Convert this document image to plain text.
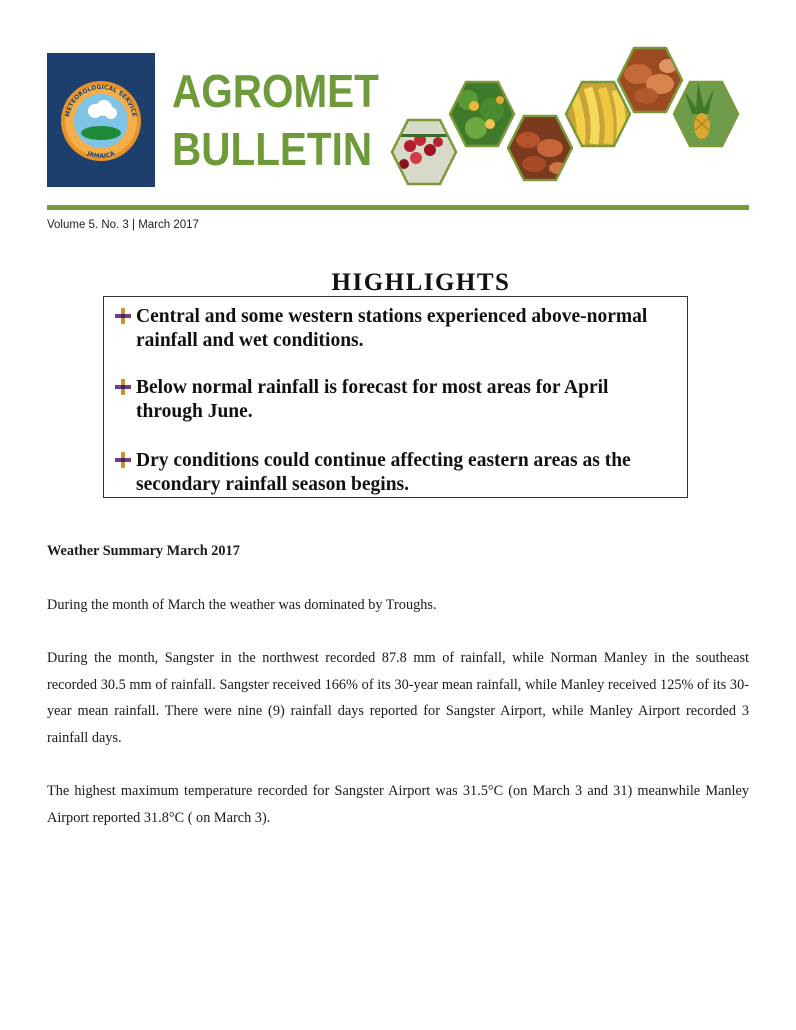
METEOROLOGICAL SERVICE
JAMAICA
AGROMET
BULLETIN
Volume 5. No. 3 | March 2017
HIGHLIGHTS
Central and some western stations experienced above-normal rainfall and wet conditions.
Below normal rainfall is forecast for most areas for April through June.
Dry conditions could continue affecting eastern areas as the secondary rainfall season begins.
Weather Summary March 2017
During the month of March the weather was dominated by Troughs.
During the month, Sangster in the northwest recorded 87.8 mm of rainfall, while Norman Manley in the southeast recorded 30.5 mm of rainfall. Sangster received 166% of its 30-year mean rainfall, while Manley received 125% of its 30-year mean rainfall. There were nine (9) rainfall days reported for Sangster Airport, while Manley Airport recorded 3 rainfall days.
The highest maximum temperature recorded for Sangster Airport was 31.5°C (on March 3 and 31) meanwhile Manley Airport reported 31.8°C ( on March 3).
